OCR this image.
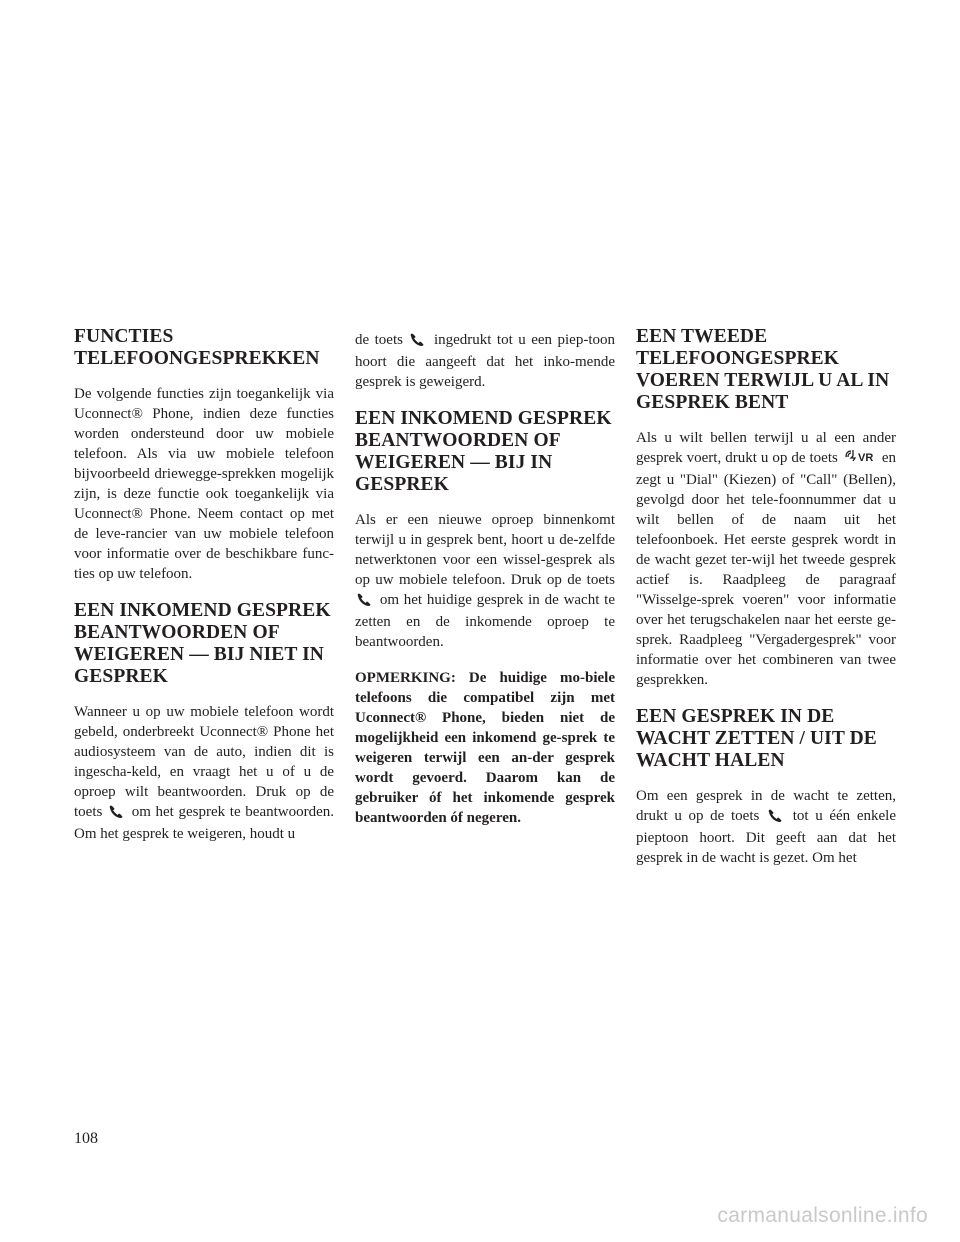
FUNCTIES TELEFOONGESPREKKEN

De volgende functies zijn toegankelijk via Uconnect® Phone, indien deze functies worden ondersteund door uw mobiele telefoon. Als via uw mobiele telefoon bijvoorbeeld driewegge-sprekken mogelijk zijn, is deze functie ook toegankelijk via Uconnect® Phone. Neem contact op met de leve-rancier van uw mobiele telefoon voor informatie over de beschikbare func-ties op uw telefoon.

EEN INKOMEND GESPREK BEANTWOORDEN OF WEIGEREN — BIJ NIET IN GESPREK

Wanneer u op uw mobiele telefoon wordt gebeld, onderbreekt Uconnect® Phone het audiosysteem van de auto, indien dit is ingescha-keld, en vraagt het u of u de oproep wilt beantwoorden. Druk op de toets om het gesprek te beantwoorden. Om het gesprek te weigeren, houdt u

de toets ingedrukt tot u een piep-toon hoort die aangeeft dat het inko-mende gesprek is geweigerd.

EEN INKOMEND GESPREK BEANTWOORDEN OF WEIGEREN — BIJ IN GESPREK

Als er een nieuwe oproep binnenkomt terwijl u in gesprek bent, hoort u de-zelfde netwerktonen voor een wissel-gesprek als op uw mobiele telefoon. Druk op de toets  om het huidige gesprek in de wacht te zetten en de inkomende oproep te beantwoorden.

OPMERKING: De huidige mo-biele telefoons die compatibel zijn met Uconnect® Phone, bieden niet de mogelijkheid een inkomend ge-sprek te weigeren terwijl een an-der gesprek wordt gevoerd. Daarom kan de gebruiker óf het inkomende gesprek beantwoorden óf negeren.

EEN TWEEDE TELEFOONGESPREK VOEREN TERWIJL U AL IN GESPREK BENT

Als u wilt bellen terwijl u al een ander gesprek voert, drukt u op de toets VR en zegt u "Dial" (Kiezen) of "Call" (Bellen), gevolgd door het tele-foonnummer dat u wilt bellen of de naam uit het telefoonboek. Het eerste gesprek wordt in de wacht gezet ter-wijl het tweede gesprek actief is. Raadpleeg de paragraaf "Wisselge-sprek voeren" voor informatie over het terugschakelen naar het eerste ge-sprek. Raadpleeg "Vergadergesprek" voor informatie over het combineren van twee gesprekken.

EEN GESPREK IN DE WACHT ZETTEN / UIT DE WACHT HALEN

Om een gesprek in de wacht te zetten, drukt u op de toets tot u één enkele pieptoon hoort. Dit geeft aan dat het gesprek in de wacht is gezet. Om het

108
carmanualsonline.info
